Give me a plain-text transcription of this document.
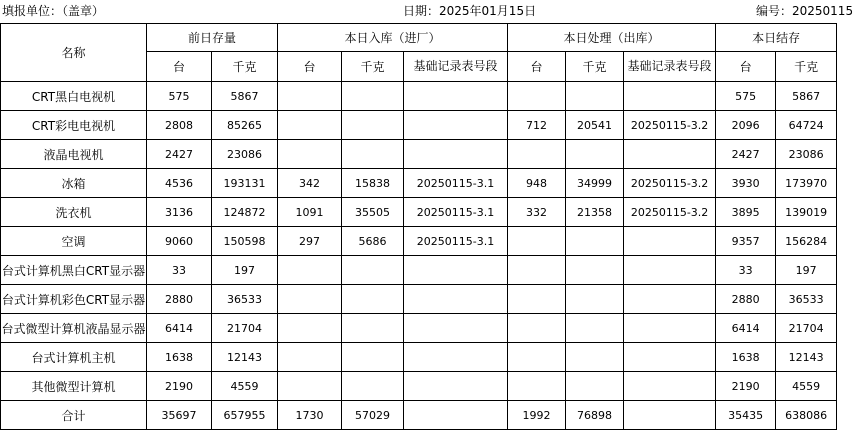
填报单位：（盖章）	日期：2025年01月15日	编号：20250115
名称	前日存量		本日入库（进厂）			本日处理（出库）			本日结存	
	台	千克	台	千克	基础记录表号段	台	千克	基础记录表号段	台	千克
CRT黑白电视机	575	5867							575	5867
CRT彩电电视机	2808	85265				712	20541	20250115-3.2	2096	64724
液晶电视机	2427	23086							2427	23086
冰箱	4536	193131	342	15838	20250115-3.1	948	34999	20250115-3.2	3930	173970
洗衣机	3136	124872	1091	35505	20250115-3.1	332	21358	20250115-3.2	3895	139019
空调	9060	150598	297	5686	20250115-3.1				9357	156284
台式计算机黑白CRT显示器	33	197							33	197
台式计算机彩色CRT显示器	2880	36533							2880	36533
台式微型计算机液晶显示器	6414	21704							6414	21704
台式计算机主机	1638	12143							1638	12143
其他微型计算机	2190	4559							2190	4559
合计	35697	657955	1730	57029		1992	76898		35435	638086
